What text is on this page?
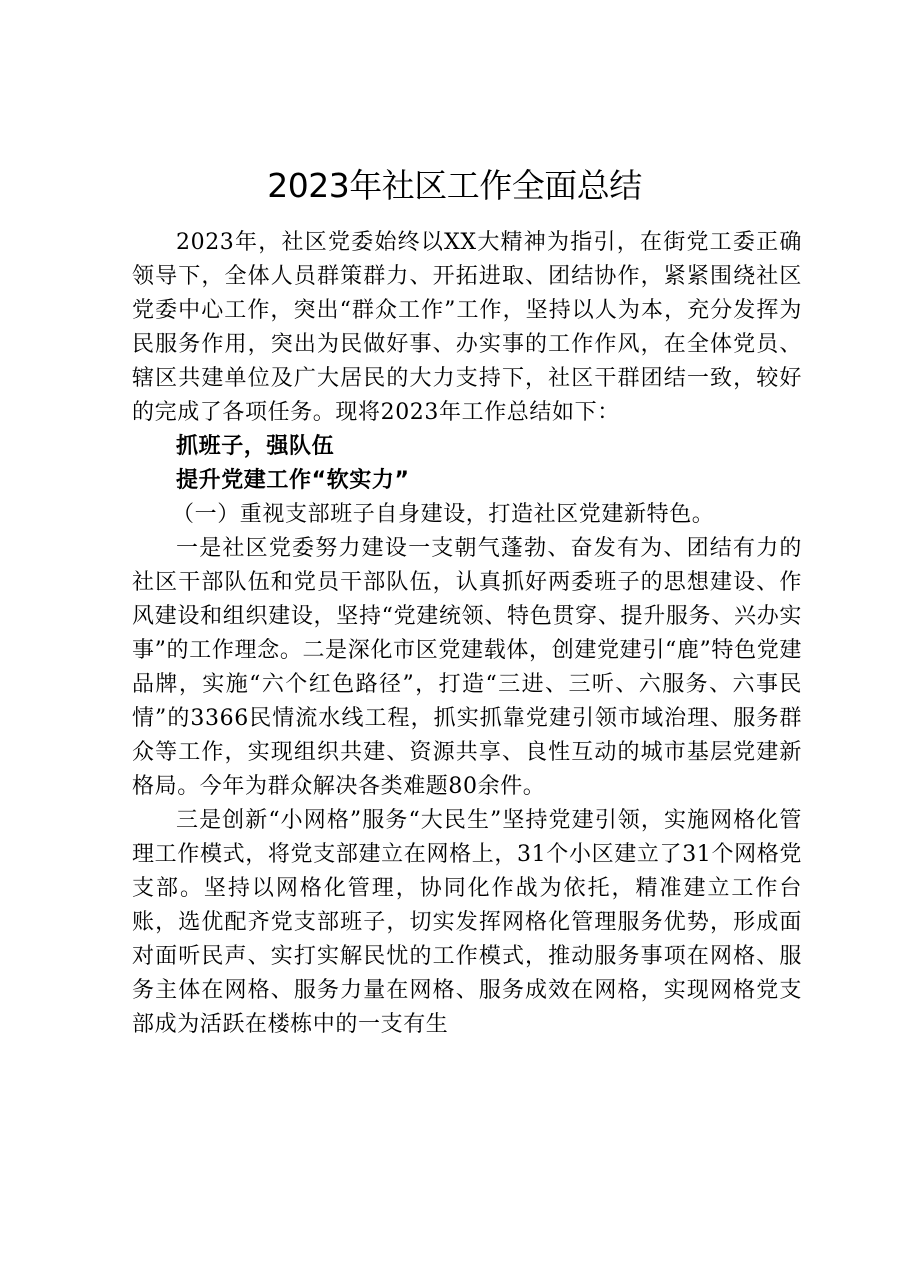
2023年社区工作全面总结

2023年，社区党委始终以XX大精神为指引，在街党工委正确领导下，全体人员群策群力、开拓进取、团结协作，紧紧围绕社区党委中心工作，突出“群众工作”工作，坚持以人为本，充分发挥为民服务作用，突出为民做好事、办实事的工作作风，在全体党员、辖区共建单位及广大居民的大力支持下，社区干群团结一致，较好的完成了各项任务。现将2023年工作总结如下：

抓班子，强队伍

提升党建工作“软实力”

（一）重视支部班子自身建设，打造社区党建新特色。

一是社区党委努力建设一支朝气蓬勃、奋发有为、团结有力的社区干部队伍和党员干部队伍，认真抓好两委班子的思想建设、作风建设和组织建设，坚持“党建统领、特色贯穿、提升服务、兴办实事”的工作理念。二是深化市区党建载体，创建党建引“鹿”特色党建品牌，实施“六个红色路径”，打造“三进、三听、六服务、六事民情”的3366民情流水线工程，抓实抓靠党建引领市域治理、服务群众等工作，实现组织共建、资源共享、良性互动的城市基层党建新格局。今年为群众解决各类难题80余件。

三是创新“小网格”服务“大民生”坚持党建引领，实施网格化管理工作模式，将党支部建立在网格上，31个小区建立了31个网格党支部。坚持以网格化管理，协同化作战为依托，精准建立工作台账，选优配齐党支部班子，切实发挥网格化管理服务优势，形成面对面听民声、实打实解民忧的工作模式，推动服务事项在网格、服务主体在网格、服务力量在网格、服务成效在网格，实现网格党支部成为活跃在楼栋中的一支有生
